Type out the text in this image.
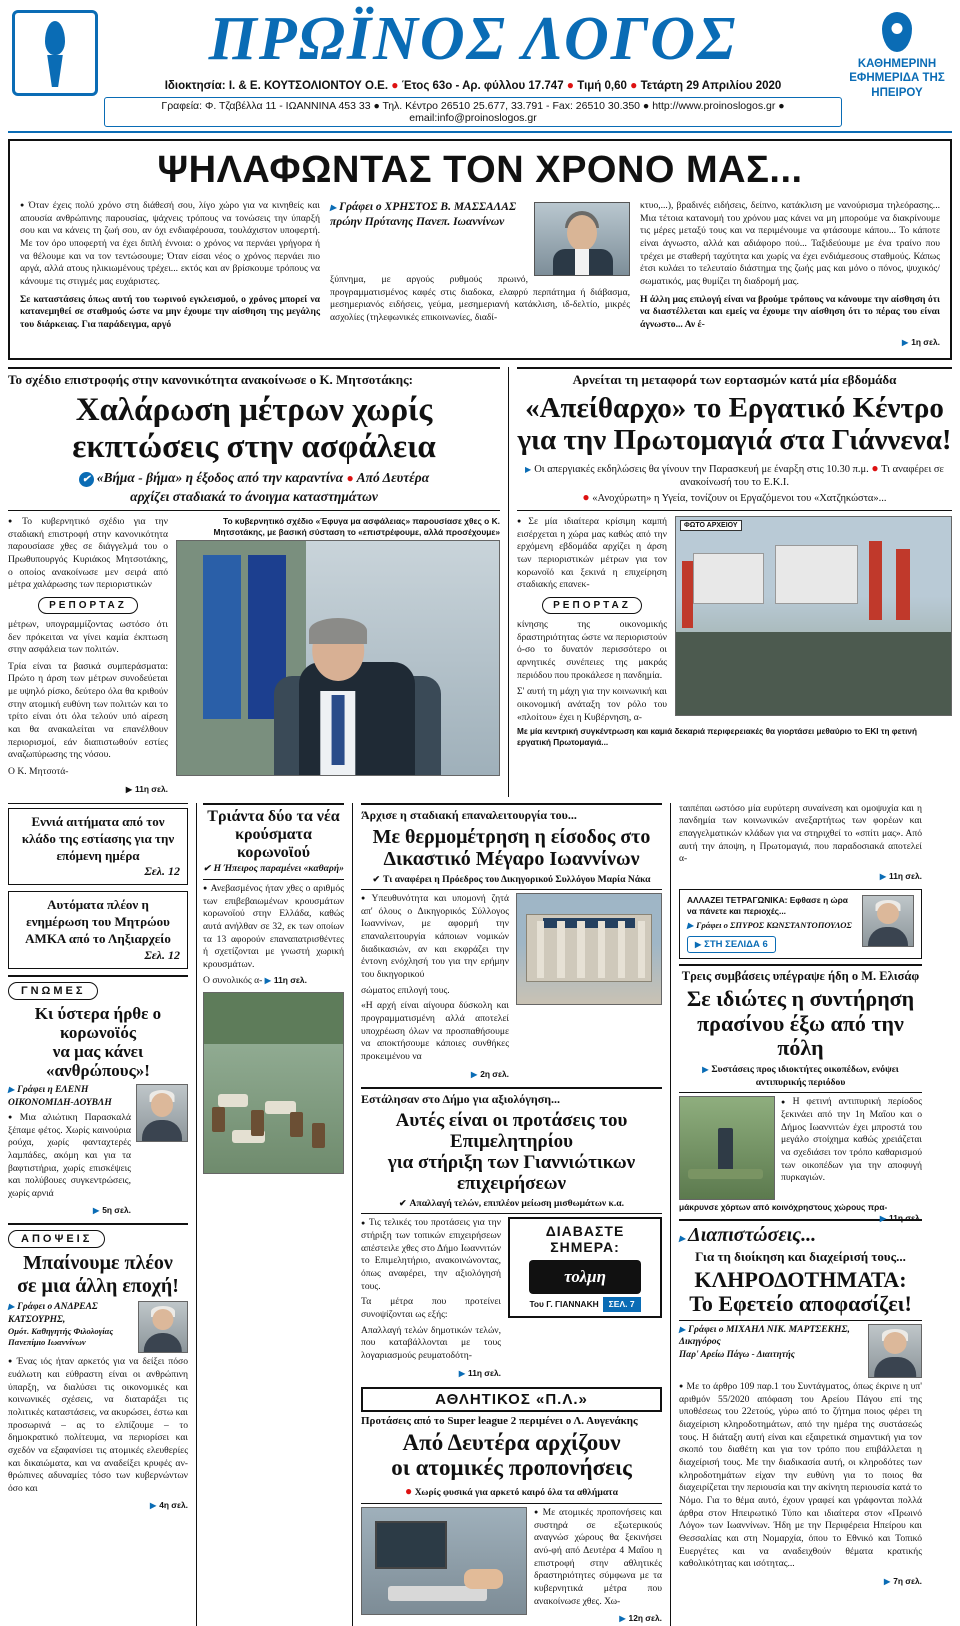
ΠΡΩΪΝΟΣ ΛΟΓΟΣ
Ιδιοκτησία: Ι. & Ε. ΚΟΥΤΣΟΛΙΟΝΤΟΥ Ο.Ε. ● Έτος 63ο - Αρ. φύλλου 17.747 ● Τιμή 0,60 ● Τετάρτη 29 Απριλίου 2020
Γραφεία: Φ. Τζαβέλλα 11 - ΙΩΑΝΝΙΝΑ 453 33 ● Τηλ. Κέντρο 26510 25.677, 33.791 - Fax: 26510 30.350 ● http://www.proinoslogos.gr ● email:info@proinoslogos.gr
ΚΑΘΗΜΕΡΙΝΗ ΕΦΗΜΕΡΙΔΑ ΤΗΣ ΗΠΕΙΡΟΥ
ΨΗΛΑΦΩΝΤΑΣ ΤΟΝ ΧΡΟΝΟ ΜΑΣ...

● Όταν έχεις πολύ χρόνο στη διάθεσή σου, λίγο χώρο για να κινηθείς και απουσία ανθρώπινης παρουσίας, ψάχνεις τρόπους να τονώσεις την ύπαρξή σου και να κάνεις τη ζωή σου, αν όχι ενδιαφέρουσα, τουλάχιστον υποφερτή. Με τον όρο υποφερτή να έχει διπλή έννοια: ο χρόνος να περνάει γρήγορα ή να θέλουμε και να τον τεντώσουμε; Όταν είσαι νέος ο χρόνος περνάει πιο αργά, αλλά ατους ηλικιωμένους τρέχει... εκτός και αν βρίσκουμε τρόπους να κάνουμε τις στιγμές μας ευχάριστες.

Σε καταστάσεις όπως αυτή του τωρινού εγκλεισμού, ο χρόνος μπορεί να κατανεμηθεί σε σταθμούς ώστε να μην έχουμε την αίσθηση της μεγάλης του διάρκειας. Για παράδειγμα, αργό

▶ Γράφει ο ΧΡΗΣΤΟΣ Β. ΜΑΣΣΑΛΑΣ
πρώην Πρύτανης Πανεπ. Ιωαννίνων

ξύπνημα, με αργούς ρυθμούς πρωινό, προγραμματισμένος καφές στις διαδοκα, ελαφρύ περπάτημα ή διάβασμα, μεσημεριανός ειδήσεις, γεύμα, μεσημεριανή κατάκλιση, ιδ-δελτίο, μικρές ασχολίες (τηλεφωνικές επικοινωνίες, διαδί-

κτυο,...), βραδινές ειδήσεις, δείπνο, κατάκλιση με νανούρισμα τηλεόρασης... Μια τέτοια κατανομή του χρόνου μας κάνει να μη μπορούμε να διακρίνουμε τις μέρες μεταξύ τους και να περιμένουμε να φτάσουμε κάπου... Το κάποτε είναι άγνωστο, αλλά και αδιάφορο πού... Ταξιδεύουμε με ένα τραίνο που τρέχει με σταθερή ταχύτητα και χωρίς να έχει ενδιάμεσους σταθμούς. Κάπως έτσι κυλάει το τελευταίο διάστημα της ζωής μας και μόνο ο πόνος, ψυχικός/σωματικός, μας θυμίζει τη διαδρομή μας.

Η άλλη μας επιλογή είναι να βρούμε τρόπους να κάνουμε την αίσθηση ότι να διαστέλλεται και εμείς να έχουμε την αίσθηση ότι το πέρας του είναι άγνωστο... Αν έ-

▶ 1η σελ.
Το σχέδιο επιστροφής στην κανονικότητα ανακοίνωσε ο Κ. Μητσοτάκης:
Χαλάρωση μέτρων χωρίς
εκπτώσεις στην ασφάλεια
✔ «Βήμα - βήμα» η έξοδος από την καραντίνα ● Από Δευτέρα
αρχίζει σταδιακά το άνοιγμα καταστημάτων

● Το κυβερνητικό σχέδιο για την σταδιακή επιστροφή στην κανονικότητα παρουσίασε χθες σε διάγγελμά του ο Πρωθυπουργός Κυριάκος Μητσοτάκης, ο οποίος ανακοίνωσε μεν σειρά από μέτρα χαλάρωσης των περιοριστικών

ΡΕΠΟΡΤΑΖ

μέτρων, υπογραμμίζοντας ωστόσο ότι δεν πρόκειται να γίνει καμία έκπτωση στην ασφάλεια των πολιτών.

Τρία είναι τα βασικά συμπεράσματα: Πρώτο η άρση των μέτρων συνοδεύεται με υψηλό ρίσκο, δεύτερο όλα θα κριθούν στην ατομική ευθύνη των πολιτών και το τρίτο είναι ότι όλα τελούν υπό αίρεση και θα ανακαλείται να επανέλθουν περιορισμοί, εάν διαπιστωθούν εστίες αναζωπύρωσης της νόσου.

Ο Κ. Μητσοτά-

▶ 11η σελ.
Το κυβερνητικό σχέδιο «Έφυγα μα ασφάλειας» παρουσίασε χθες ο Κ. Μητσοτάκης, με βασική σύσταση το «επιστρέφουμε, αλλά προσέχουμε»
Αρνείται τη μεταφορά των εορτασμών κατά μία εβδομάδα
«Απείθαρχο» το Εργατικό Κέντρο
για την Πρωτομαγιά στα Γιάννενα!
▶ Οι απεργιακές εκδηλώσεις θα γίνουν την Παρασκευή με έναρξη στις 10.30 π.μ. ● Τι αναφέρει σε ανακοίνωσή του το Ε.Κ.Ι.
● «Ανοχύρωτη» η Υγεία, τονίζουν οι Εργαζόμενοι του «Χατζηκώστα»...

● Σε μία ιδιαίτερα κρίσιμη καμπή εισέρχεται η χώρα μας καθώς από την ερχόμενη εβδομάδα αρχίζει η άρση των περιοριστικών μέτρων για τον κορωνοϊό και ξεκινά η επιχείρηση σταδιακής επανεκ-

ΡΕΠΟΡΤΑΖ

κίνησης της οικονομικής δραστηριότητας ώστε να περιοριστούν ό-σο το δυνατόν περισσότερο οι αρνητικές συνέπειες της μακράς περιόδου που προκάλεσε η πανδημία.

Σ' αυτή τη μάχη για την κοινωνική και οικονομική ανάταξη τον ρόλο του «πλοίτου» έχει η Κυβέρνηση, α-

ΦΩΤΟ ΑΡΧΕΙΟΥ
Με μία κεντρική συγκέντρωση και καμιά δεκαριά περιφερειακές θα γιορτάσει μεθαύριο το ΕΚΙ τη φετινή εργατική Πρωτομαγιά...
Εννιά αιτήματα από τον κλάδο της εστίασης για την επόμενη ημέρα
Σελ. 12
Αυτόματα πλέον η ενημέρωση του Μητρώου ΑΜΚΑ από το Ληξιαρχείο
Σελ. 12
ΓΝΩΜΕΣ
Κι ύστερα ήρθε ο κορωνοϊός
να μας κάνει «ανθρώπους»!
▶ Γράφει η ΕΛΕΝΗ ΟΙΚΟΝΟΜΙΔΗ-ΔΟΥΒΛΗ

● Μια αλιώτικη Παρασκαλά ξέπαμε φέτος. Χωρίς καινούρια ρούχα, χωρίς φανταχτερές λαμπάδες, ακόμη και για τα βαφτιστήρια, χωρίς επισκέψεις και πολύβουες συγκεντρώσεις, χωρίς αρνιά

▶ 5η σελ.
ΑΠΟΨΕΙΣ
Μπαίνουμε πλέον
σε μια άλλη εποχή!
▶ Γράφει ο ΑΝΔΡΕΑΣ ΚΑΤΣΟΥΡΗΣ,
Ομότ. Καθηγητής Φιλολογίας Πανεπίμιο Ιωαννίνων

● Ένας ιός ήταν αρκετός για να δείξει πόσο ευάλωτη και εύθραστη είναι οι ανθρώπινη ύπαρξη, να διαλύσει τις οικονομικές και κοινωνικές σχέσεις, να διαταράξει τις πολιτικές καταστάσεις, να ακυρώσει, έστω και προσωρινά – ας το ελπίζουμε – το δημοκρατικό πολίτευμα, να περιορίσει και σχεδόν να εξαφανίσει τις ατομικές ελευθερίες και δικαιώματα, και να αναδείξει κρυφές αν-θρώπινες αδυναμίες τόσο των κυβερνώντων όσο και

▶ 4η σελ.
Τριάντα δύο τα νέα
κρούσματα κορωνοϊού
✔ Η Ήπειρος παραμένει «καθαρή»

● Ανεβασμένος ήταν χθες ο αριθμός των επιβεβαιωμένων κρουσμάτων κορωνοϊού στην Ελλάδα, καθώς αυτά ανήλθαν σε 32, εκ των οποίων τα 13 αφορούν επαναπατρισθέντες ή σχετίζονται με γνωστή χωρική κρουσμάτων.

Ο συνολικός α- ▶ 11η σελ.

Άρχισε η σταδιακή επαναλειτουργία του...
Με θερμομέτρηση η είσοδος στο
Δικαστικό Μέγαρο Ιωαννίνων
✔ Τι αναφέρει η Πρόεδρος του Δικηγορικού Συλλόγου Μαρία Νάκα

● Υπευθυνότητα και υπομονή ζητά απ' όλους ο Δικηγορικός Σύλλογος Ιωαννίνων, με αφορμή την επαναλειτουργία κάποιων νομικών διαδικασιών, αν και εκφράζει την έντονη ενόχλησή του για την ερήμην του δικηγορικού

σώματος επιλογή τους.

«Η αρχή είναι αίγουρα δύσκολη και προγραμματισμένη αλλά αποτελεί υποχρέωση όλων να προσπαθήσουμε να αποκτήσουμε κάποιες συνθήκες προκειμένου να

▶ 2η σελ.
Εστάλησαν στο Δήμο για αξιολόγηση...
Αυτές είναι οι προτάσεις του Επιμελητηρίου
για στήριξη των Γιαννιώτικων επιχειρήσεων
✔ Απαλλαγή τελών, επιπλέον μείωση μισθωμάτων κ.α.

● Τις τελικές του προτάσεις για την στήριξη των τοπικών επιχειρήσεων απέστειλε χθες στο Δήμο Ιωαννιτών το Επιμελητήριο, ανακοινώνοντας, όπως αναφέρει, την αξιολόγησή τους.

Τα μέτρα που προτείνει συνοψίζονται ως εξής:

Απαλλαγή τελών δημοτικών τελών, που καταβάλλονται με τους λογαριασμούς ρευματοδότη-

▶ 11η σελ.
ΔΙΑΒΑΣΤΕ ΣΗΜΕΡΑ:
τολμη
Του Γ. ΓΙΑΝΝΑΚΗ ΣΕΛ. 7
ΑΘΛΗΤΙΚΟΣ «Π.Λ.»
Προτάσεις από το Super league 2 περιμένει ο Λ. Αυγενάκης
Από Δευτέρα αρχίζουν
οι ατομικές προπονήσεις
● Χωρίς φυσικά για αρκετό καιρό όλα τα αθλήματα

● Με ατομικές προπονήσεις και συστηρά σε εξωτερικούς αναγνώσ χώρους θα ξεκινήσει ανύ-φή από Δευτέρα 4 Μαΐου η επιστροφή στην αθλητικές δραστηριότητες σύμφωνα με τα κυβερνητικά μέτρα που ανακοίνωσε χθες. Χω-

▶ 12η σελ.

ταιπέπαι ωστόσο μία ευρύτερη συναίνεση και ομοψυχία και η πανδημία των κοινωνικών ανεξαρτήτως των φορέων και επαγγελματικών κλάδων για να στηριχθεί το «σπίτι μας». Από αυτή την άποψη, η Πρωτομαγιά, που παραδοσιακά αποτελεί α-

▶ 11η σελ.
ΑΛΛΑΖΕΙ ΤΕΤΡΑΓΩΝΙΚΑ: Εφθασε η ώρα να πάνετε και περιοχές...
▶ Γράφει ο ΣΠΥΡΟΣ ΚΩΝΣΤΑΝΤΟΠΟΥΛΟΣ
▶ ΣΤΗ ΣΕΛΙΔΑ 6
Τρεις συμβάσεις υπέγραψε ήδη ο Μ. Ελισάφ
Σε ιδιώτες η συντήρηση
πρασίνου έξω από την πόλη
▶ Συστάσεις προς ιδιοκτήτες οικοπέδων, ενόψει αντιπυρικής περιόδου

● Η φετινή αντιπυρική περίοδος ξεκινάει από την 1η Μαΐου και ο Δήμος Ιωαννιτών έχει μπροστά του μεγάλο στοίχημα καθώς χρειάζεται να σχεδιάσει τον τρόπο καθαρισμού των οικοπέδων για την αποφυγή πυρκαγιών.

μάκρυνσε χόρτων από κοινόχρηστους χώρους πρα-
▶ 11η σελ.
▶ Διαπιστώσεις...
Για τη διοίκηση και διαχείρισή τους...
ΚΛΗΡΟΔΟΤΗΜΑΤΑ:
Το Εφετείο αποφασίζει!
▶ Γράφει ο ΜΙΧΑΗΛ ΝΙΚ. ΜΑΡΤΣΕΚΗΣ, Δικηγόρος
Παρ' Αρείω Πάγω - Διαιτητής

● Με το άρθρο 109 παρ.1 του Συντάγματος, όπως έκρινε η υπ' αριθμόν 55/2020 απόφαση του Αρείου Πάγου επί της υποθέσεως του 22ετούς, γύρω από το ζήτημα ποιος φέρει τη διαχείριση κληροδοτημάτων, από την ημέρα της συστάσεώς τους. Η διάταξη αυτή είναι και εξαιρετικά σημαντική για τον σκοπό του διαθέτη και για τον τρόπο που επιβάλλεται η διαχείρισή τους. Με την διαδικασία αυτή, οι κληροδότες των κληροδοτημάτων είχαν την ευθύνη για το ποιος θα διαχειρίζεται την περιουσία και την ακίνητη περιουσία κατά το Νόμο. Για το θέμα αυτό, έχουν γραφεί και γράφονται πολλά άρθρα στον Ηπειρωτικό Τύπο και ιδιαίτερα στον «Πρωινό Λόγο» των Ιωαννίνων. Ήδη με την Περιφέρεια Ηπείρου και Θεσσαλίας και στη Νομαρχία, όπου το Εθνικό και Τοπικό Ευεργέτες και να αναδειχθούν θέματα κρατικής καθολικότητας και ισότητας...

▶ 7η σελ.
